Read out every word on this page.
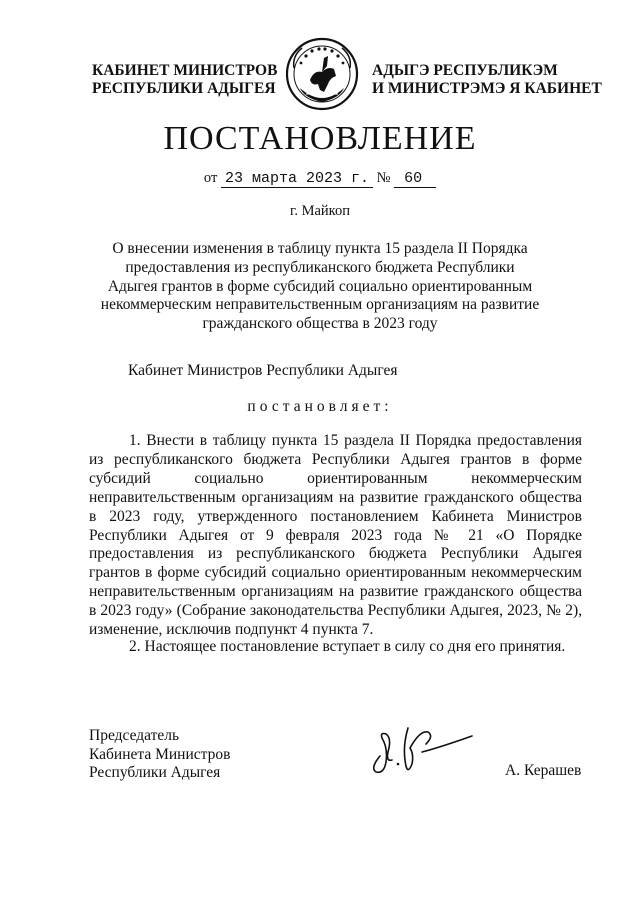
КАБИНЕТ МИНИСТРОВ
РЕСПУБЛИКИ АДЫГЕЯ
АДЫГЭ РЕСПУБЛИКЭМ
И МИНИСТРЭМЭ Я КАБИНЕТ
ПОСТАНОВЛЕНИЕ
от 23 марта 2023 г. № 60
г. Майкоп
О внесении изменения в таблицу пункта 15 раздела II Порядка предоставления из республиканского бюджета Республики Адыгея грантов в форме субсидий социально ориентированным некоммерческим неправительственным организациям на развитие гражданского общества в 2023 году
Кабинет Министров Республики Адыгея
постановляет:
1. Внести в таблицу пункта 15 раздела II Порядка предоставления из республиканского бюджета Республики Адыгея грантов в форме субсидий социально ориентированным некоммерческим неправительственным организациям на развитие гражданского общества в 2023 году, утвержденного постановлением Кабинета Министров Республики Адыгея от 9 февраля 2023 года № 21 «О Порядке предоставления из республиканского бюджета Республики Адыгея грантов в форме субсидий социально ориентированным некоммерческим неправительственным организациям на развитие гражданского общества в 2023 году» (Собрание законодательства Республики Адыгея, 2023, № 2), изменение, исключив подпункт 4 пункта 7.
2. Настоящее постановление вступает в силу со дня его принятия.
Председатель
Кабинета Министров
Республики Адыгея	А. Керашев
